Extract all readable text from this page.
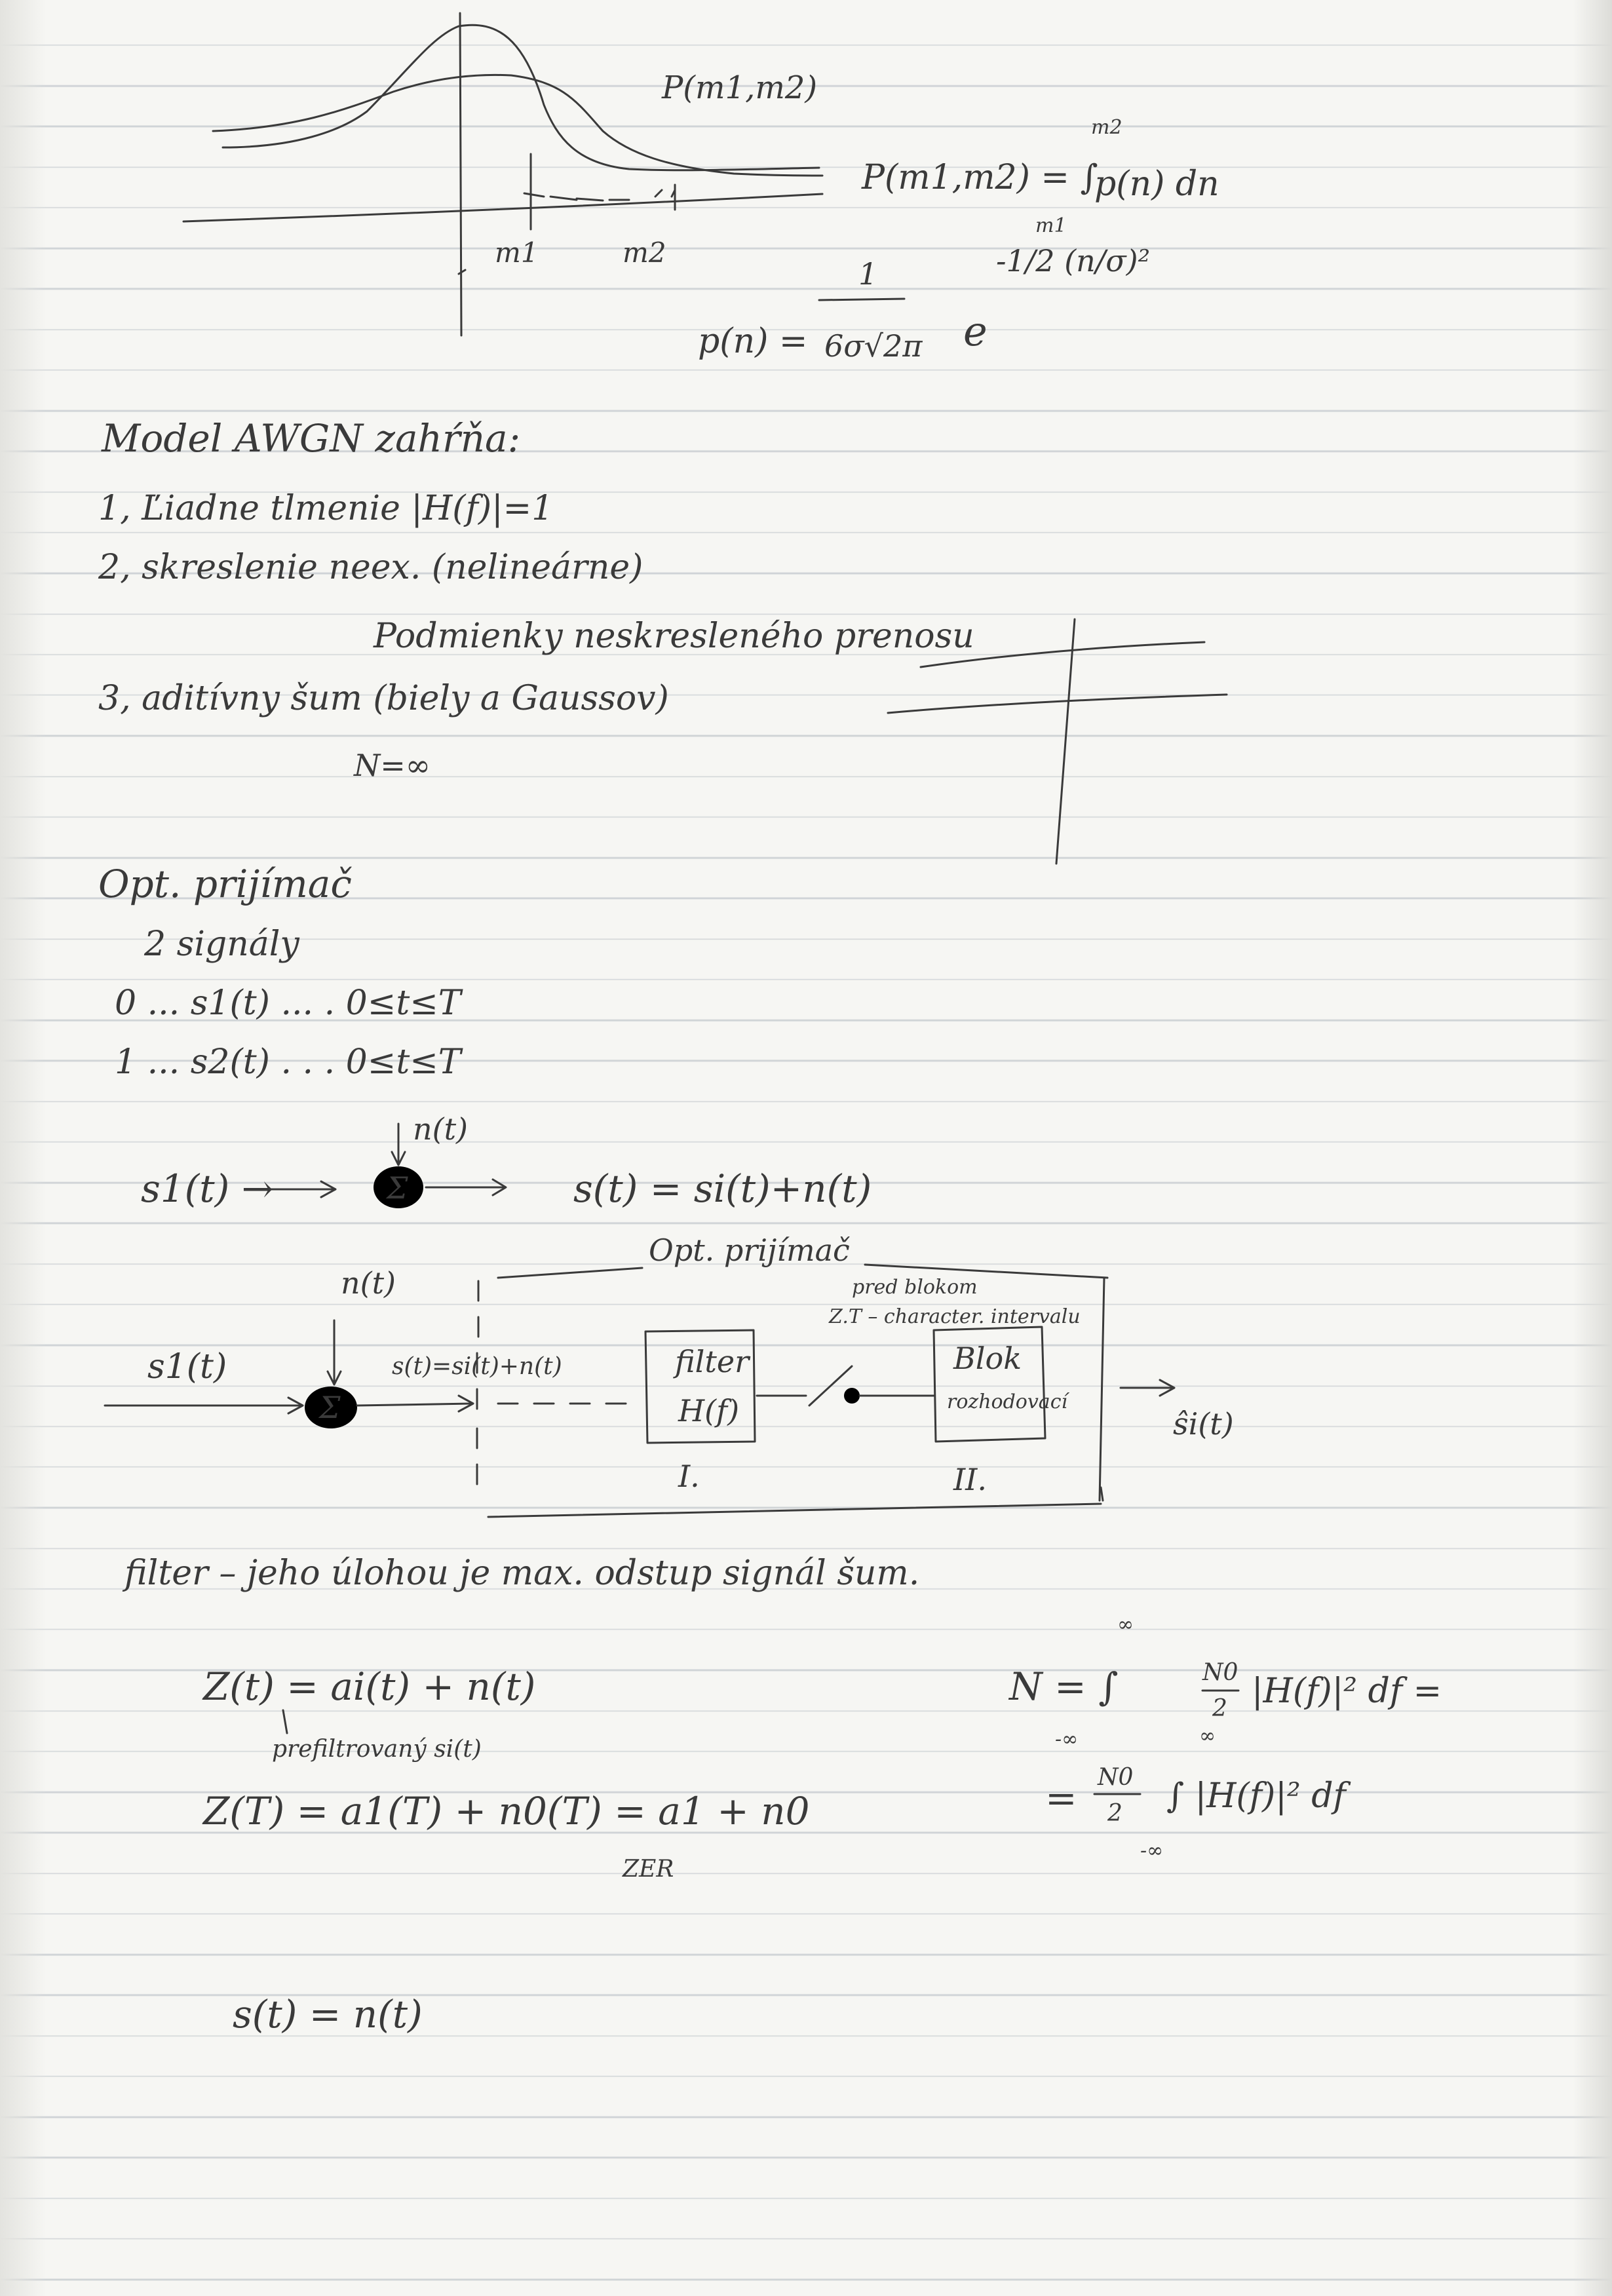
P(m1,m2)
m1	m2
P(m1,m2) = ∫
m2
m1
p(n) dn
p(n) =
1
6σ√2π e
-1/2 (n/σ)²
Model AWGN zahŕňa:
1, Ľiadne tlmenie |H(f)|=1
2, skreslenie neex. (nelineárne)
Podmienky neskresleného prenosu
3, aditívny šum (biely a Gaussov)
N=∞
Opt. prijímač
2 signály
0 ... s1(t) ... . 0≤t≤T
1 ... s2(t) . . . 0≤t≤T
n(t)
s1(t) →	Σ	s(t) = si(t)+n(t)
Opt. prijímač
n(t)
s1(t)
Σ
s(t)=si(t)+n(t)	filter
H(f)
I.
pred blokom
Z.T – character. intervalu
Blok
rozhodovací
II.
ŝi(t)
filter – jeho úlohou je max. odstup signál šum.
Z(t) = ai(t) + n(t)
prefiltrovaný si(t)
Z(T) = a1(T) + n0(T) = a1 + n0
ZER
s(t) = n(t)
∞
N = ∫	N0
2 |H(f)|² df =
-∞	∞
= N0
2 ∫ |H(f)|² df
-∞
